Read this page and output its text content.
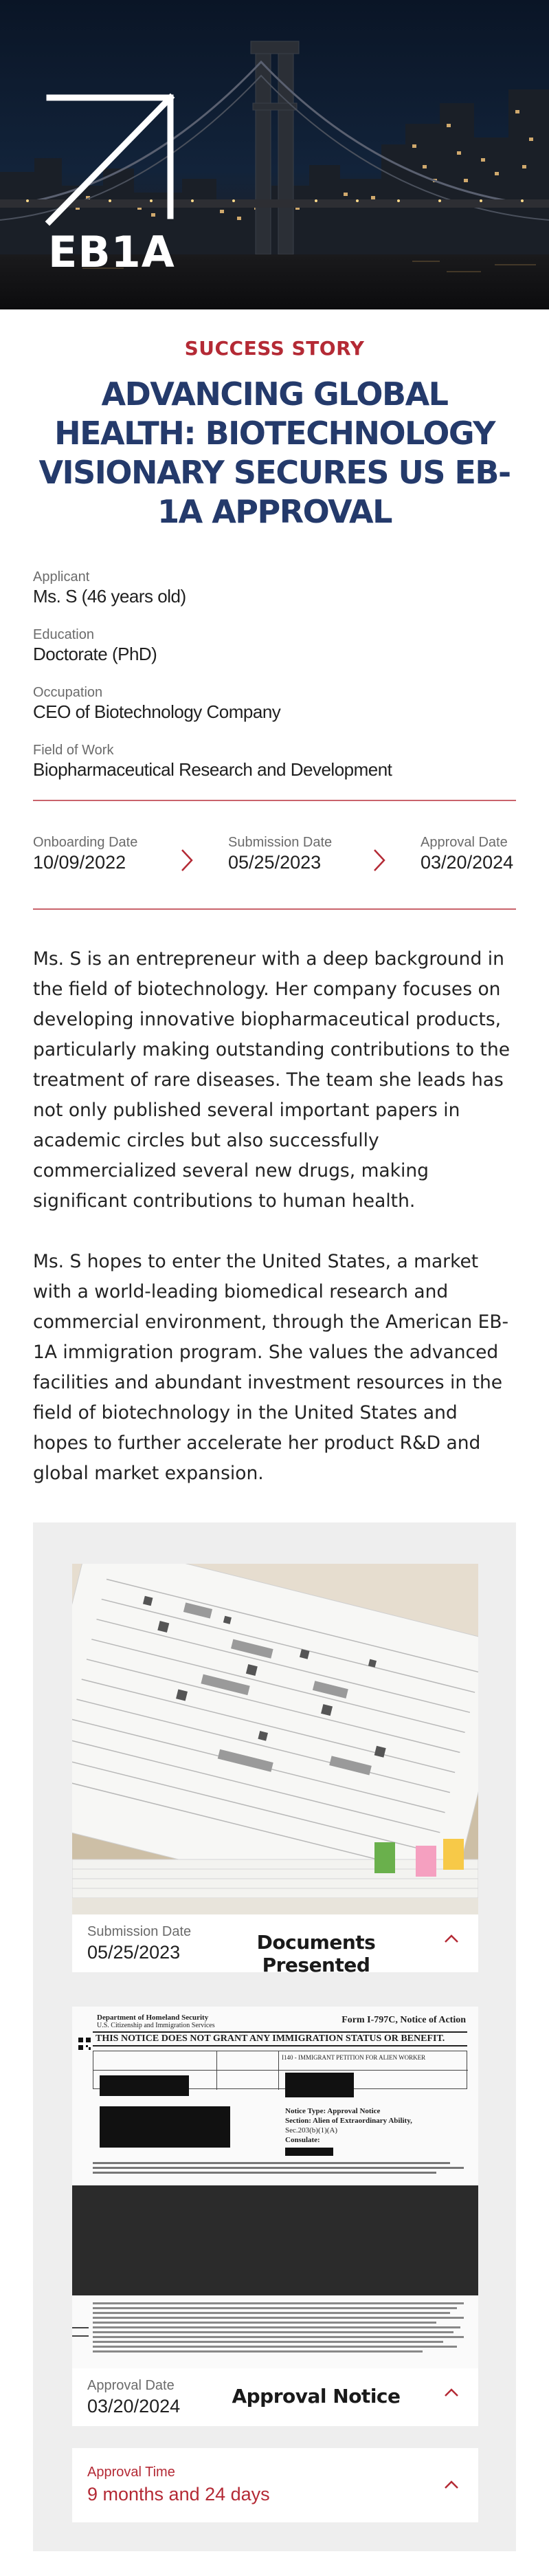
EB1A
SUCCESS STORY
ADVANCING GLOBAL HEALTH: BIOTECHNOLOGY VISIONARY SECURES US EB-1A APPROVAL
Applicant
Ms. S (46 years old)
Education
Doctorate (PhD)
Occupation
CEO of Biotechnology Company
Field of Work
Biopharmaceutical Research and Development
Onboarding Date
10/09/2022
Submission Date
05/25/2023
Approval Date
03/20/2024

Ms. S is an entrepreneur with a deep background in the field of biotechnology. Her company focuses on developing innovative biopharmaceutical products, particularly making outstanding contributions to the treatment of rare diseases. The team she leads has not only published several important papers in academic circles but also successfully commercialized several new drugs, making significant contributions to human health.

Ms. S hopes to enter the United States, a market with a world-leading biomedical research and commercial environment, through the American EB-1A immigration program. She values the advanced facilities and abundant investment resources in the field of biotechnology in the United States and hopes to further accelerate her product R&D and global market expansion.

Submission Date
05/25/2023	Documents Presented
Department of Homeland Security
U.S. Citizenship and Immigration Services
Form I-797C, Notice of Action
THIS NOTICE DOES NOT GRANT ANY IMMIGRATION STATUS OR BENEFIT.
I140 - IMMIGRANT PETITION FOR ALIEN WORKER
Notice Type: Approval Notice
Section: Alien of Extraordinary Ability,
Sec.203(b)(1)(A)
Consulate:
Approval Date
03/20/2024	Approval Notice
Approval Time
9 months and 24 days
